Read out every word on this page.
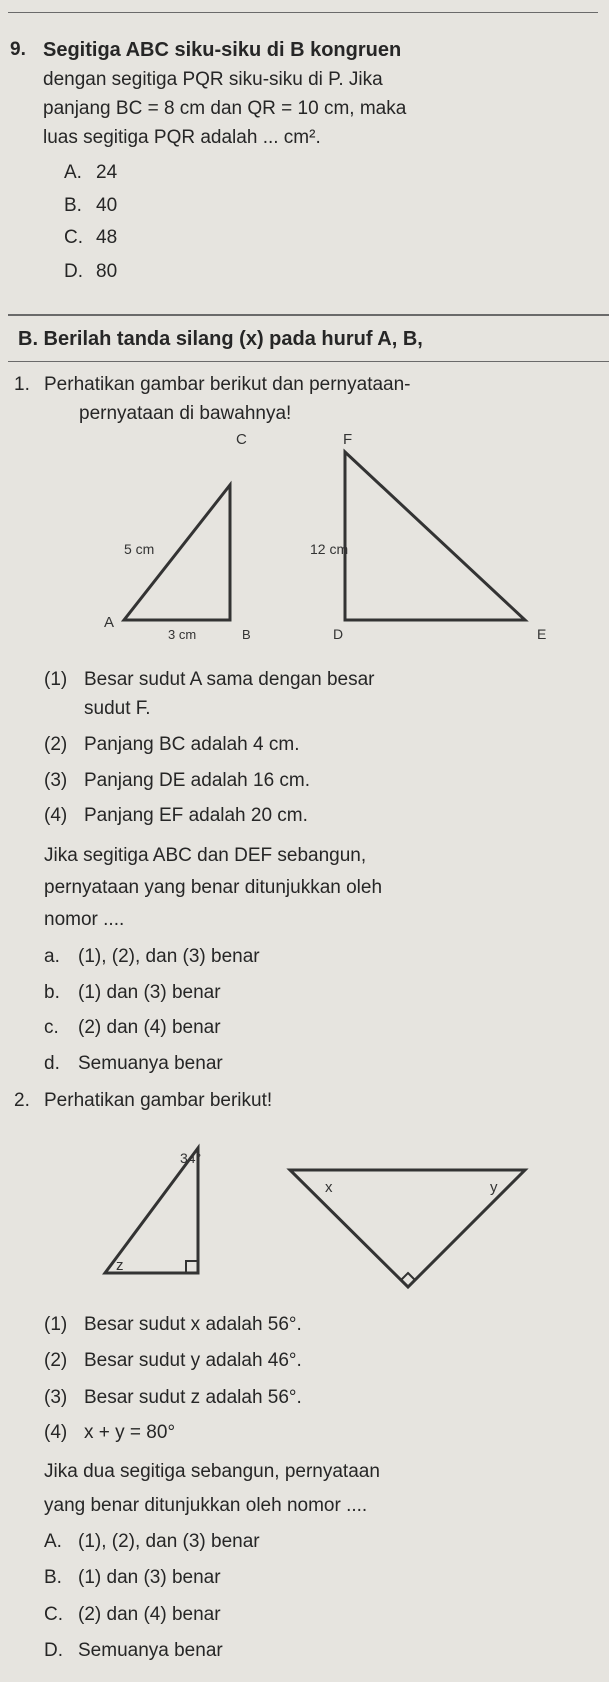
9. Segitiga ABC siku-siku di B kongruen
dengan segitiga PQR siku-siku di P. Jika
panjang BC = 8 cm dan QR = 10 cm, maka
luas segitiga PQR adalah ... cm².
A. 24
B. 40
C. 48
D. 80
B. Berilah tanda silang (x) pada huruf A, B,
1. Perhatikan gambar berikut dan pernyataan-
pernyataan di bawahnya!
C
A
B
5 cm
3 cm
F
D	E
12 cm
(1) Besar sudut A sama dengan besar
sudut F.
(2) Panjang BC adalah 4 cm.
(3) Panjang DE adalah 16 cm.
(4) Panjang EF adalah 20 cm.
Jika segitiga ABC dan DEF sebangun,
pernyataan yang benar ditunjukkan oleh
nomor ....
a. (1), (2), dan (3) benar
b. (1) dan (3) benar
c. (2) dan (4) benar
d. Semuanya benar
2. Perhatikan gambar berikut!
34°
z
x	y
(1) Besar sudut x adalah 56°.
(2) Besar sudut y adalah 46°.
(3) Besar sudut z adalah 56°.
(4) x + y = 80°
Jika dua segitiga sebangun, pernyataan
yang benar ditunjukkan oleh nomor ....
A. (1), (2), dan (3) benar
B. (1) dan (3) benar
C. (2) dan (4) benar
D. Semuanya benar
